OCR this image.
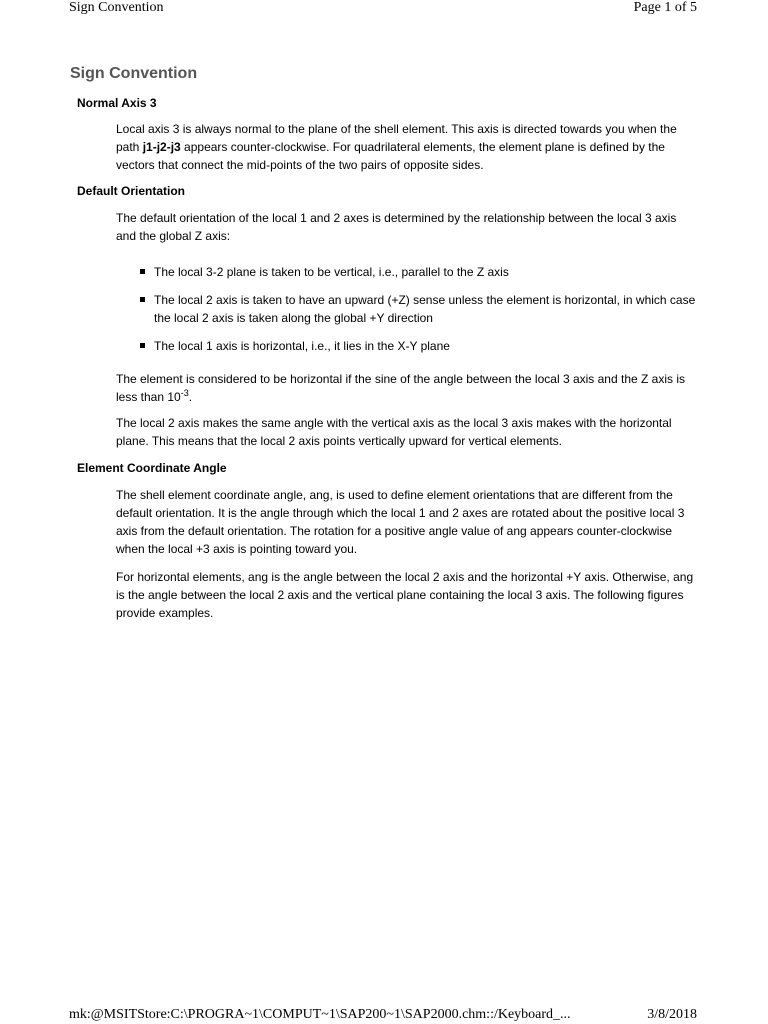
Sign Convention	Page 1 of 5
Sign Convention
Normal Axis 3

Local axis 3 is always normal to the plane of the shell element. This axis is directed towards you when the path j1-j2-j3 appears counter-clockwise. For quadrilateral elements, the element plane is defined by the vectors that connect the mid-points of the two pairs of opposite sides.

Default Orientation

The default orientation of the local 1 and 2 axes is determined by the relationship between the local 3 axis and the global Z axis:

The local 3-2 plane is taken to be vertical, i.e., parallel to the Z axis
The local 2 axis is taken to have an upward (+Z) sense unless the element is horizontal, in which case the local 2 axis is taken along the global +Y direction
The local 1 axis is horizontal, i.e., it lies in the X-Y plane

The element is considered to be horizontal if the sine of the angle between the local 3 axis and the Z axis is less than $10^{-3}$.

The local 2 axis makes the same angle with the vertical axis as the local 3 axis makes with the horizontal plane. This means that the local 2 axis points vertically upward for vertical elements.

Element Coordinate Angle

The shell element coordinate angle, ang, is used to define element orientations that are different from the default orientation. It is the angle through which the local 1 and 2 axes are rotated about the positive local 3 axis from the default orientation. The rotation for a positive angle value of ang appears counter-clockwise when the local +3 axis is pointing toward you.

For horizontal elements, ang is the angle between the local 2 axis and the horizontal +Y axis. Otherwise, ang is the angle between the local 2 axis and the vertical plane containing the local 3 axis. The following figures provide examples.

mk:@MSITStore:C:\PROGRA~1\COMPUT~1\SAP200~1\SAP2000.chm::/Keyboard_...	3/8/2018
